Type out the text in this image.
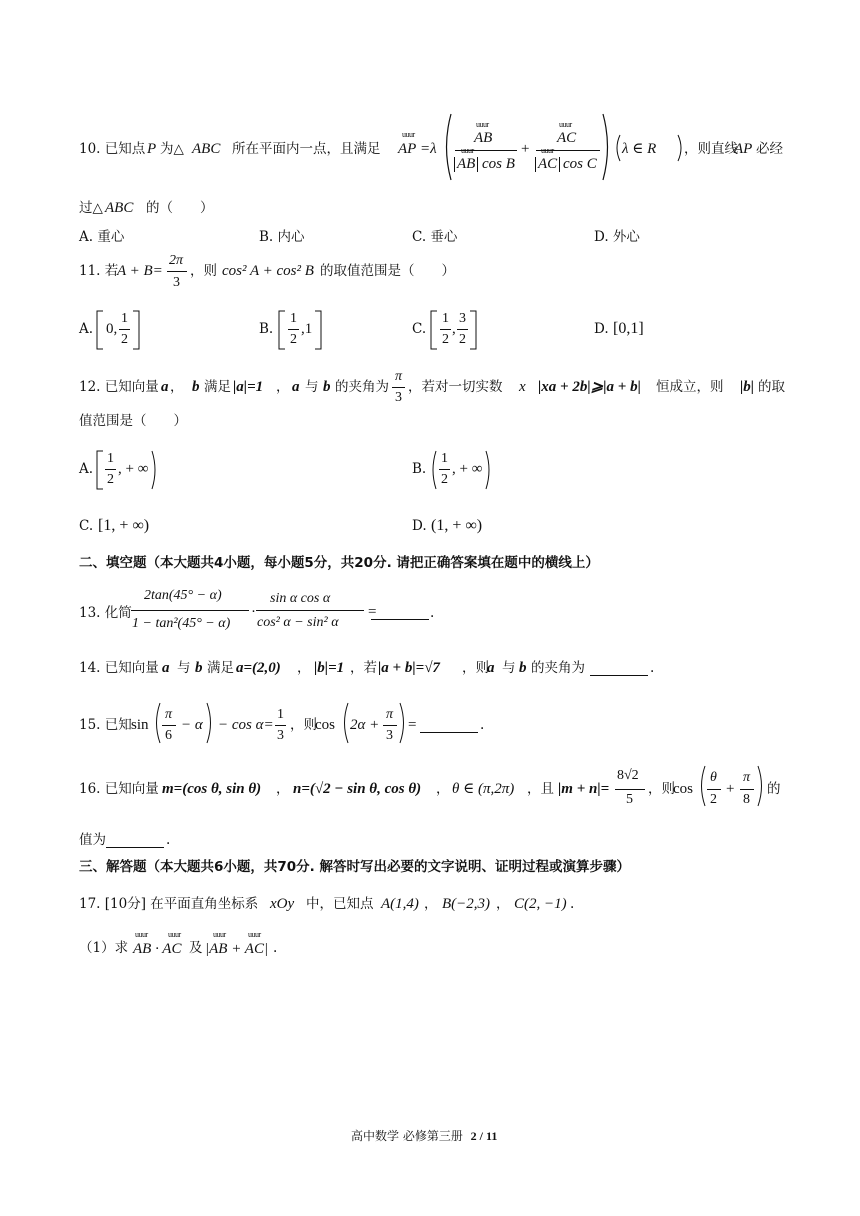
10. 已知点 P 为△ ABC 所在平面内一点，且满足
uuur
AP =λ
uuur
AB
uuur
AB cos B
+
uuur
AC
uuur
AC cos C
λ ∈ R ，则直线
AP 必经
过△ ABC 的（　　）
A. 重心	B. 内心	C. 垂心	D. 外心
11. 若
A + B=
2π
3
，则 cos² A + cos² B 的取值范围是（　　）
A. 0,
1
2
B.
1
2
,1	C.
1
2
,
3
2
D. [0,1]
12. 已知向量 a ， b 满足 |a|=1 ， a 与 b 的夹角为
π
3
，若对一切实数 x |xa + 2b|⩾|a + b| 恒成立，则 |b| 的取
值范围是（　　）
A.
1
2
, + ∞	B.
1
2
, + ∞
C. [1, + ∞)	D. (1, + ∞)
二、填空题（本大题共4小题，每小题5分，共20分. 请把正确答案填在题中的横线上）
13. 化简
2tan(45° − α)
1 − tan²(45° − α)
·
sin α cos α
cos² α − sin² α
=	.
14. 已知向量 a 与 b 满足 a=(2,0) ， |b|=1 ，若 |a + b|=√7 ，则
a 与 b 的夹角为	.
15. 已知 sin
π
6
− α − cos α=
1
3
，则
cos 2α +
π
3
=	.
16. 已知向量 m=(cos θ, sin θ) ， n=(√2 − sin θ, cos θ) ， θ ∈ (π,2π) ，且 |m + n|=
8√2
5
，则
cos
θ
2
+
π
8
的
值为	.
三、解答题（本大题共6小题，共70分. 解答时写出必要的文字说明、证明过程或演算步骤）
17. [10分] 在平面直角坐标系 xOy 中，已知点 A(1,4) ， B(−2,3) ， C(2, −1) .
（1）求
uuur	uuur
AB · AC 及
uuur	uuur
|AB + AC| .
高中数学 必修第三册 2 / 11
